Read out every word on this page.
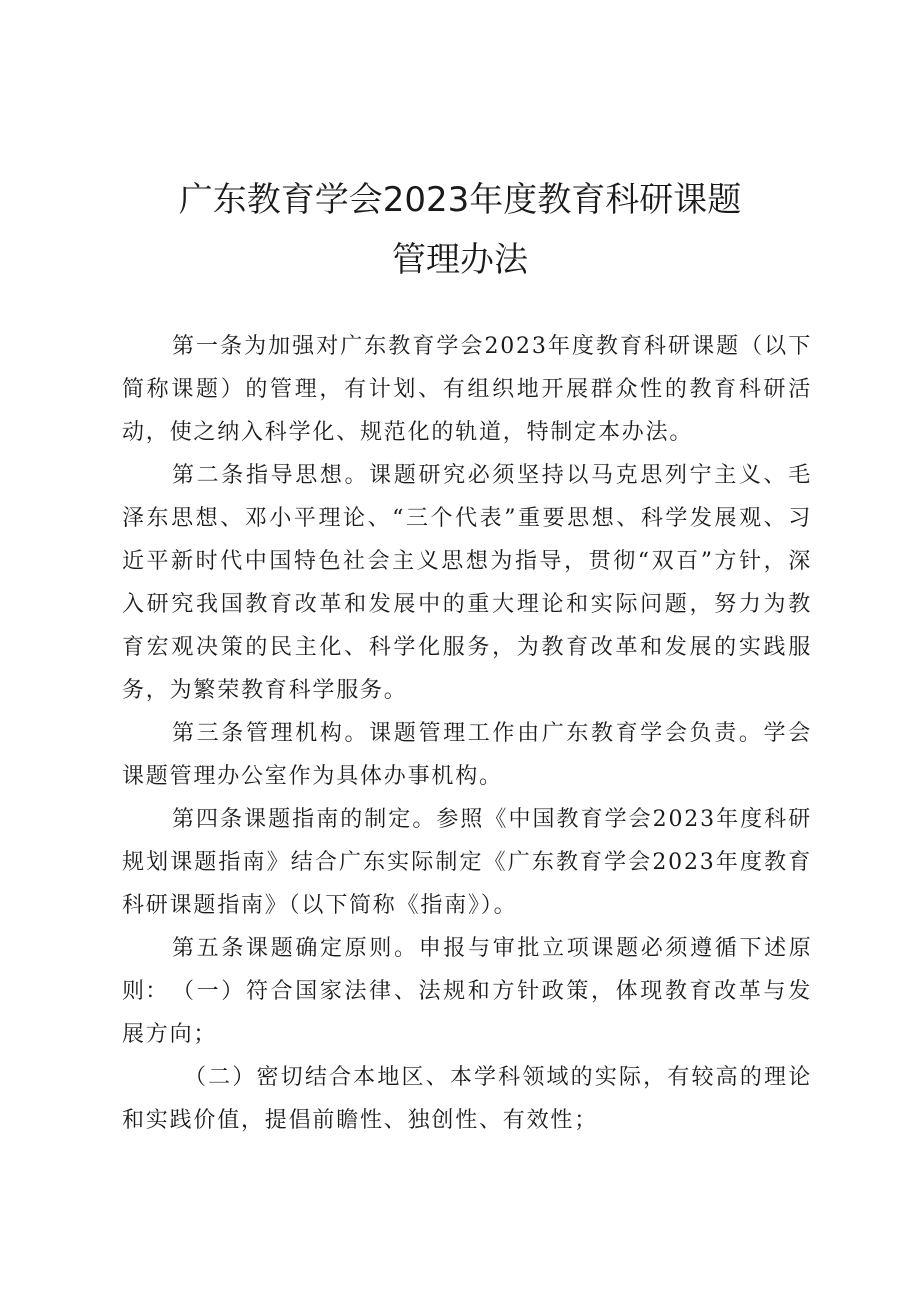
广东教育学会2023年度教育科研课题
管理办法

第一条为加强对广东教育学会2023年度教育科研课题（以下简称课题）的管理，有计划、有组织地开展群众性的教育科研活动，使之纳入科学化、规范化的轨道，特制定本办法。

第二条指导思想。课题研究必须坚持以马克思列宁主义、毛泽东思想、邓小平理论、“三个代表”重要思想、科学发展观、习近平新时代中国特色社会主义思想为指导，贯彻“双百”方针，深入研究我国教育改革和发展中的重大理论和实际问题，努力为教育宏观决策的民主化、科学化服务，为教育改革和发展的实践服务，为繁荣教育科学服务。

第三条管理机构。课题管理工作由广东教育学会负责。学会课题管理办公室作为具体办事机构。

第四条课题指南的制定。参照《中国教育学会2023年度科研规划课题指南》结合广东实际制定《广东教育学会2023年度教育科研课题指南》（以下简称《指南》）。

第五条课题确定原则。申报与审批立项课题必须遵循下述原则： （一）符合国家法律、法规和方针政策，体现教育改革与发展方向；

（二）密切结合本地区、本学科领域的实际，有较高的理论和实践价值，提倡前瞻性、独创性、有效性；
